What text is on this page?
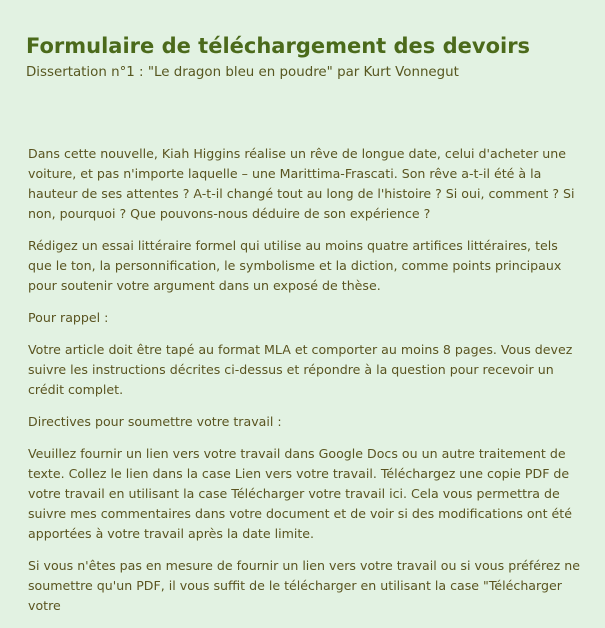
Formulaire de téléchargement des devoirs
Dissertation n°1 : "Le dragon bleu en poudre" par Kurt Vonnegut

Dans cette nouvelle, Kiah Higgins réalise un rêve de longue date, celui d'acheter une voiture, et pas n'importe laquelle – une Marittima-Frascati. Son rêve a-t-il été à la hauteur de ses attentes ? A-t-il changé tout au long de l'histoire ? Si oui, comment ? Si non, pourquoi ? Que pouvons-nous déduire de son expérience ?

Rédigez un essai littéraire formel qui utilise au moins quatre artifices littéraires, tels que le ton, la personnification, le symbolisme et la diction, comme points principaux pour soutenir votre argument dans un exposé de thèse.

Pour rappel :

Votre article doit être tapé au format MLA et comporter au moins 8 pages. Vous devez suivre les instructions décrites ci-dessus et répondre à la question pour recevoir un crédit complet.

Directives pour soumettre votre travail :

Veuillez fournir un lien vers votre travail dans Google Docs ou un autre traitement de texte. Collez le lien dans la case Lien vers votre travail. Téléchargez une copie PDF de votre travail en utilisant la case Télécharger votre travail ici. Cela vous permettra de suivre mes commentaires dans votre document et de voir si des modifications ont été apportées à votre travail après la date limite.

Si vous n'êtes pas en mesure de fournir un lien vers votre travail ou si vous préférez ne soumettre qu'un PDF, il vous suffit de le télécharger en utilisant la case "Télécharger votre
